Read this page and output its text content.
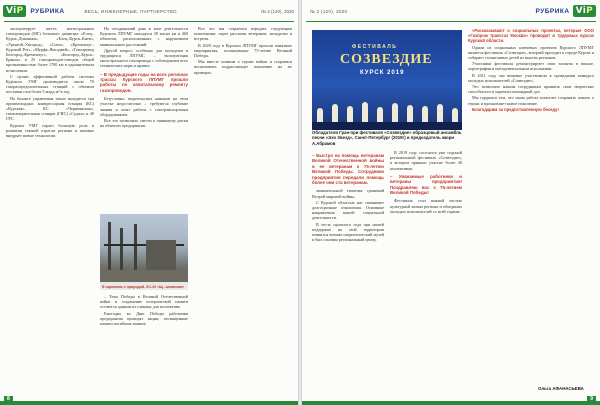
ViP	РУБРИКА	ВЕСЬ, ИНЖЕНЕРНЫЕ, ПАРТНЕРСТВО	№ 2 (120), 2020

эксплуатирует шесть магистральных газопроводов (МГ) большого диаметра: «Елец–Курск–Диканька», «Елец–Курск–Киев», «Уренгой–Ужгород», «Союз», «Кременчуг–Курский Рог», «Мурфа–Ямсадвей», «Газопровод Белгород–Кременчуг», «Белгород–Курск–Брянск» и 25 газопроводов-отводов общей протяженностью более 1700 км в однониточном исчислении.

С целью эффективной работы системы Курского УМГ производится около 70 газораспределительных станций с объемом поставки газа более 5 млрд м³ в год.

На балансе управления также находится три промплощадки: компрессорная станция (КС) «Курская», КС «Черноянская», газоизмерительная станция (ГИС) «Суджа» и 40 ГРС.

Курское УМГ играет большую роль в развитии газовой отрасли региона и активно внедряет новые технологии.

На сегодняшний день в зоне деятельности Курского ЛПУМГ находятся 38 тысяч км и 460 объектов, расположенных с нарушением минимальных расстояний.

Другой вопрос, особенно для молодежи и трудящихся ЛПУМГ, – эксплуатация магистрального газопровода с соблюдением всех технических норм и правил.

– В предыдущие годы на всех регионах трассы Курского ЛПУМГ прошли работы по капитальному ремонту газопроводов.

Безусловно, водительских навыков на этом участке недостаточно – требуются глубокие знания и опыт работы с газотранспортным оборудованием.

Все это позволило свести к минимуму риски на объектах предприятия.

В гармонии с природой. КС-20 «Щ...ановская»

– Тема Победы в Великой Отечественной войне и сохранение исторической памяти остаются одними из главных для коллектива.

Ежегодно ко Дню Победы работники предприятия проводят акции, посвященные памяти погибших воинов.

Все это мы стараемся передать следующим поколениям: через рассказы ветеранов, экскурсии и встречи.

В 2020 году в Курском ЛПУМГ прошли памятные мероприятия, посвященные 75-летию Великой Победы.

Мы вместе помним о героях войны и стараемся воспитывать подрастающее поколение на их примерах.

8
№ 2 (120), 2020	РУБРИКА ViP
ФЕСТИВАЛЬ
СОЗВЕЗДИЕ
КУРСК 2019
Обладатели Гран-при фестиваля «Созвездие» образцовый ансамбль песни «Эхо Звезд», Санкт-Петербург (2019г) и председатель жюри А.Абрамов

– Быстро на помощь ветеранам Великой Отечественной войны и ее ветеранам к 75-летию Великой Победы. Сотрудники предприятия передали помощь более чем ста ветеранам.

занимательной тематике сражений Второй мировой войны.

С Курской областью нас связывают долгосрочные отношения. Основные направления нашей социальной деятельности.

В честь прошлого года при нашей поддержке на этой территории появился военно-патриотический музей и был основан региональный центр.

В 2019 году состоялся уже седьмой региональный фестиваль «Созвездие», в котором приняли участие более 40 коллективов.

– Уважаемые работники и ветераны предприятия! Поздравляю вас с 75-летием Великой Победы!

Фестиваль стал важной частью культурной жизни региона и объединил молодых исполнителей со всей страны.

«Рассказывают о социальных проектах, которые ООО «Газпром трансгаз Москва» проводит в трудовых курсах Курской области.

Одним из социальных ключевых проектов Курского ЛПУМГ является фестиваль «Созвездие», который проходит в городе Курске и собирает талантливых детей из многих регионов.

Участники фестиваля демонстрируют свои таланты в вокале, хореографии и инструментальном исполнении.

В 2011 году мы впервые участвовали в проведении конкурса молодых исполнителей «Созвездие».

Это позволило нашим сотрудникам проявить свои творческие способности и укрепить командный дух.

Мы гордимся тем, что наша работа помогает сохранять память о героях и вдохновляет новое поколение.

Благодарим за предоставленную беседу!

Ольга АФАНАСЬЕВА
9
